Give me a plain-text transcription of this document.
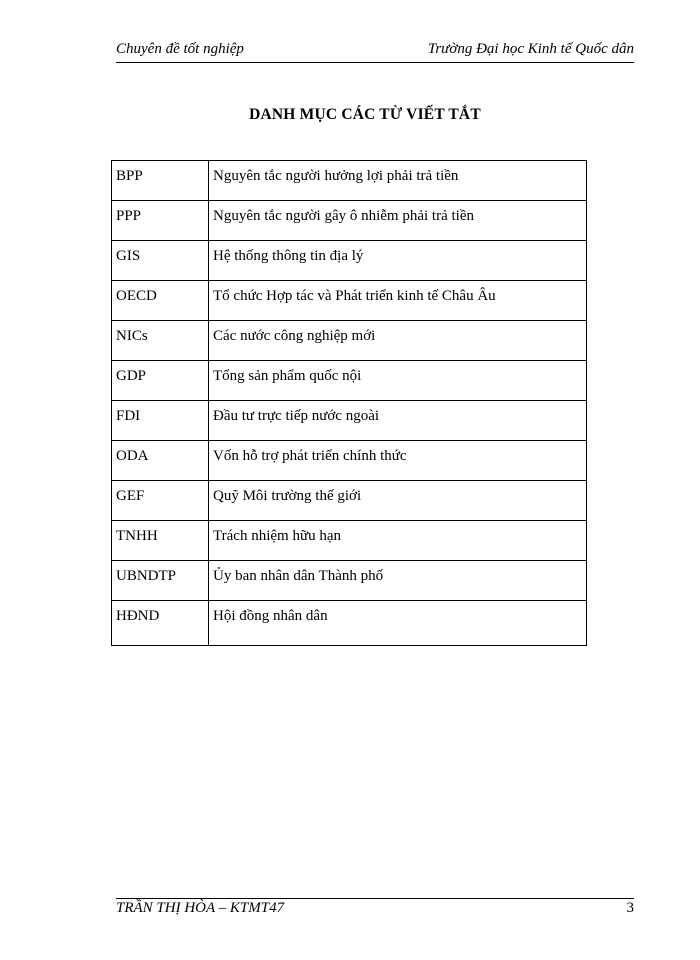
Chuyên đề tốt nghiệp	Trường Đại học Kinh tế Quốc dân
DANH MỤC CÁC TỪ VIẾT TẮT
BPP	Nguyên tắc người hưởng lợi phải trả tiền
PPP	Nguyên tắc người gây ô nhiễm phải trả tiền
GIS	Hệ thống thông tin địa lý
OECD	Tổ chức Hợp tác và Phát triển kinh tế Châu Âu
NICs	Các nước công nghiệp mới
GDP	Tổng sản phẩm quốc nội
FDI	Đầu tư trực tiếp nước ngoài
ODA	Vốn hỗ trợ phát triển chính thức
GEF	Quỹ Môi trường thế giới
TNHH	Trách nhiệm hữu hạn
UBNDTP	Ủy ban nhân dân Thành phố
HĐND	Hội đồng nhân dân
TRẦN THỊ HÒA – KTMT47	3
